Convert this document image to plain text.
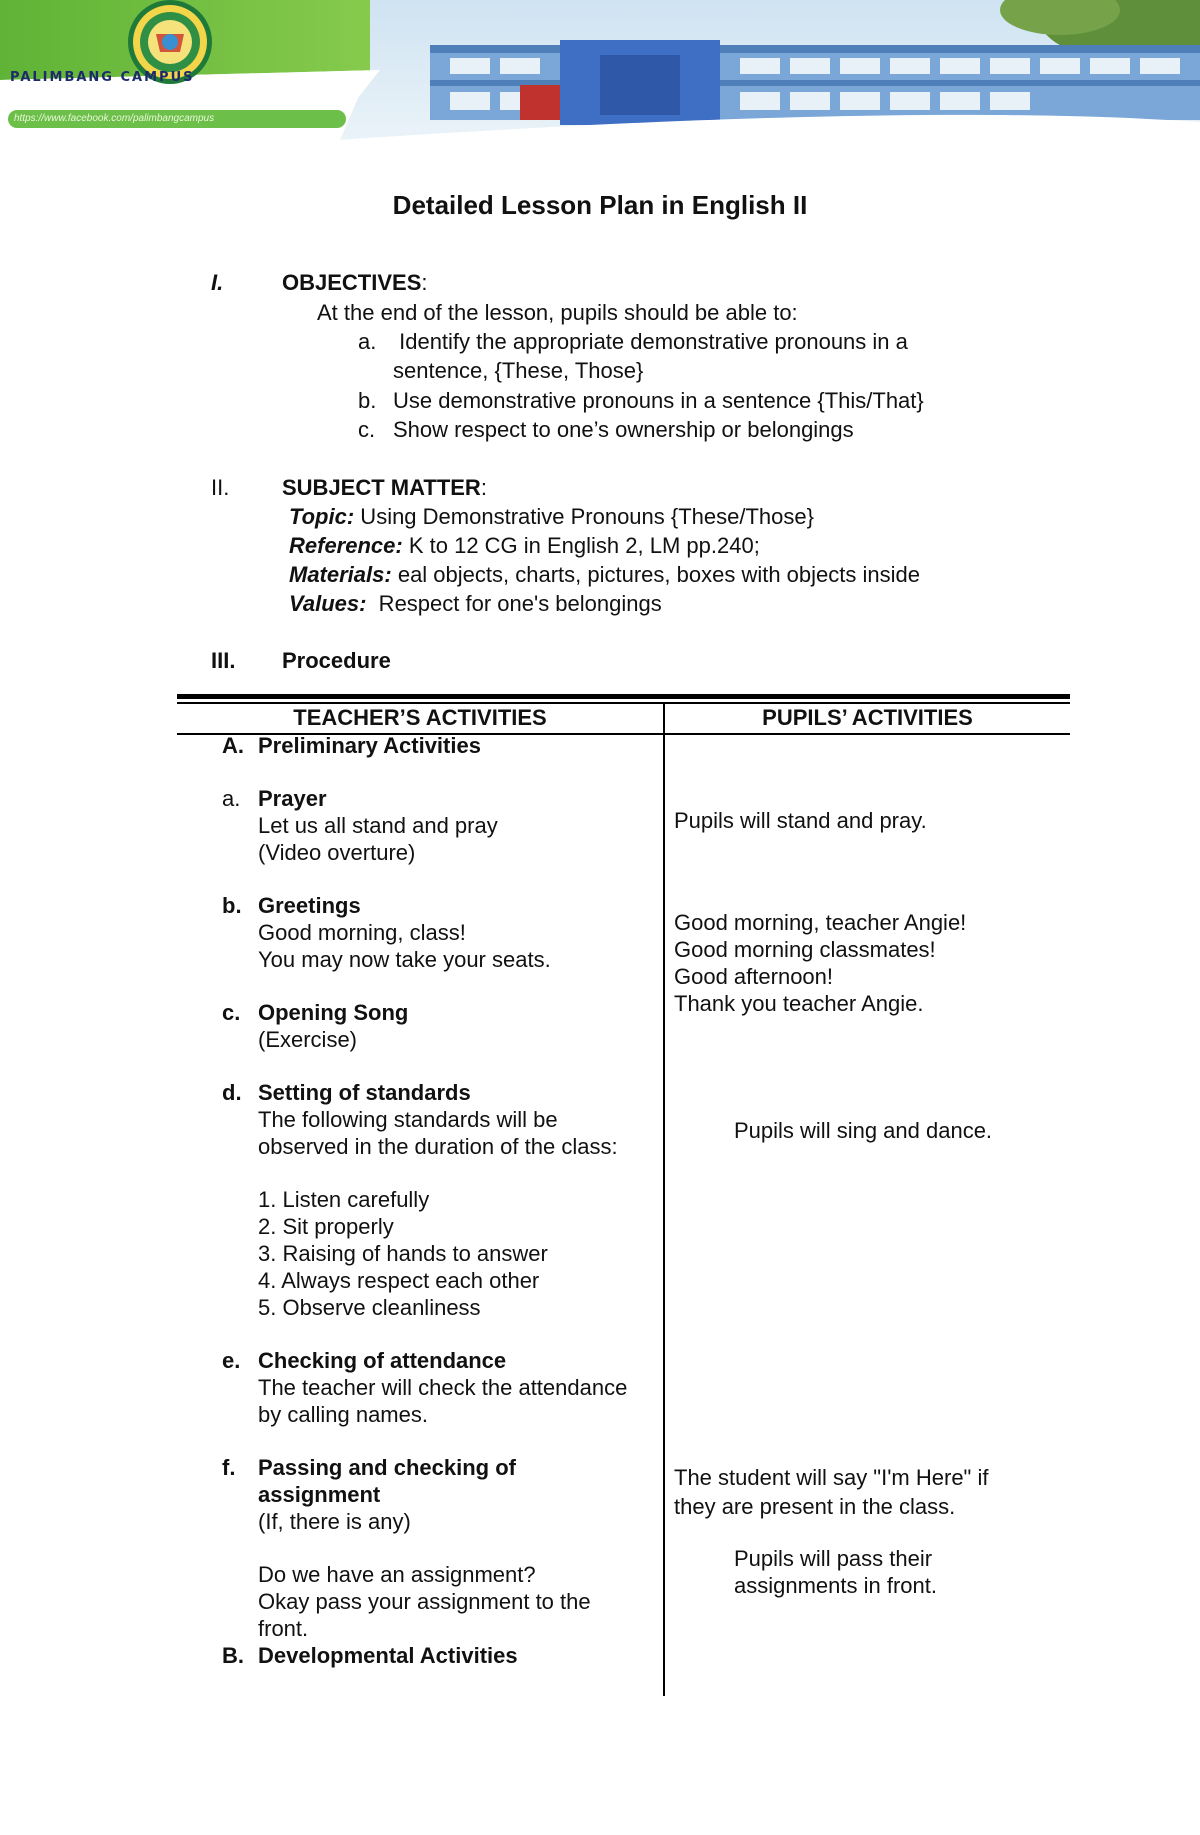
PALIMBANG CAMPUS
https://www.facebook.com/palimbangcampus
Detailed Lesson Plan in English II
I.	OBJECTIVES:
At the end of the lesson, pupils should be able to:
a. Identify the appropriate demonstrative pronouns in a
sentence, {These, Those}
b. Use demonstrative pronouns in a sentence {This/That}
c. Show respect to one’s ownership or belongings
II. SUBJECT MATTER:
Topic: Using Demonstrative Pronouns {These/Those}
Reference: K to 12 CG in English 2, LM pp.240;
Materials: eal objects, charts, pictures, boxes with objects inside
Values:  Respect for one's belongings
III. Procedure
TEACHER’S ACTIVITIES	PUPILS’ ACTIVITIES
A. Preliminary Activities
a. Prayer
Let us all stand and pray
(Video overture)
b. Greetings
Good morning, class!
You may now take your seats.
c. Opening Song
(Exercise)
d. Setting of standards
The following standards will be
observed in the duration of the class:
1. Listen carefully
2. Sit properly
3. Raising of hands to answer
4. Always respect each other
5. Observe cleanliness
e. Checking of attendance
The teacher will check the attendance
by calling names.
f. Passing and checking of
assignment
(If, there is any)
Do we have an assignment?
Okay pass your assignment to the
front.
B. Developmental Activities
Pupils will stand and pray.
Good morning, teacher Angie!
Good morning classmates!
Good afternoon!
Thank you teacher Angie.
Pupils will sing and dance.
The student will say "I'm Here" if
they are present in the class.
Pupils will pass their
assignments in front.
